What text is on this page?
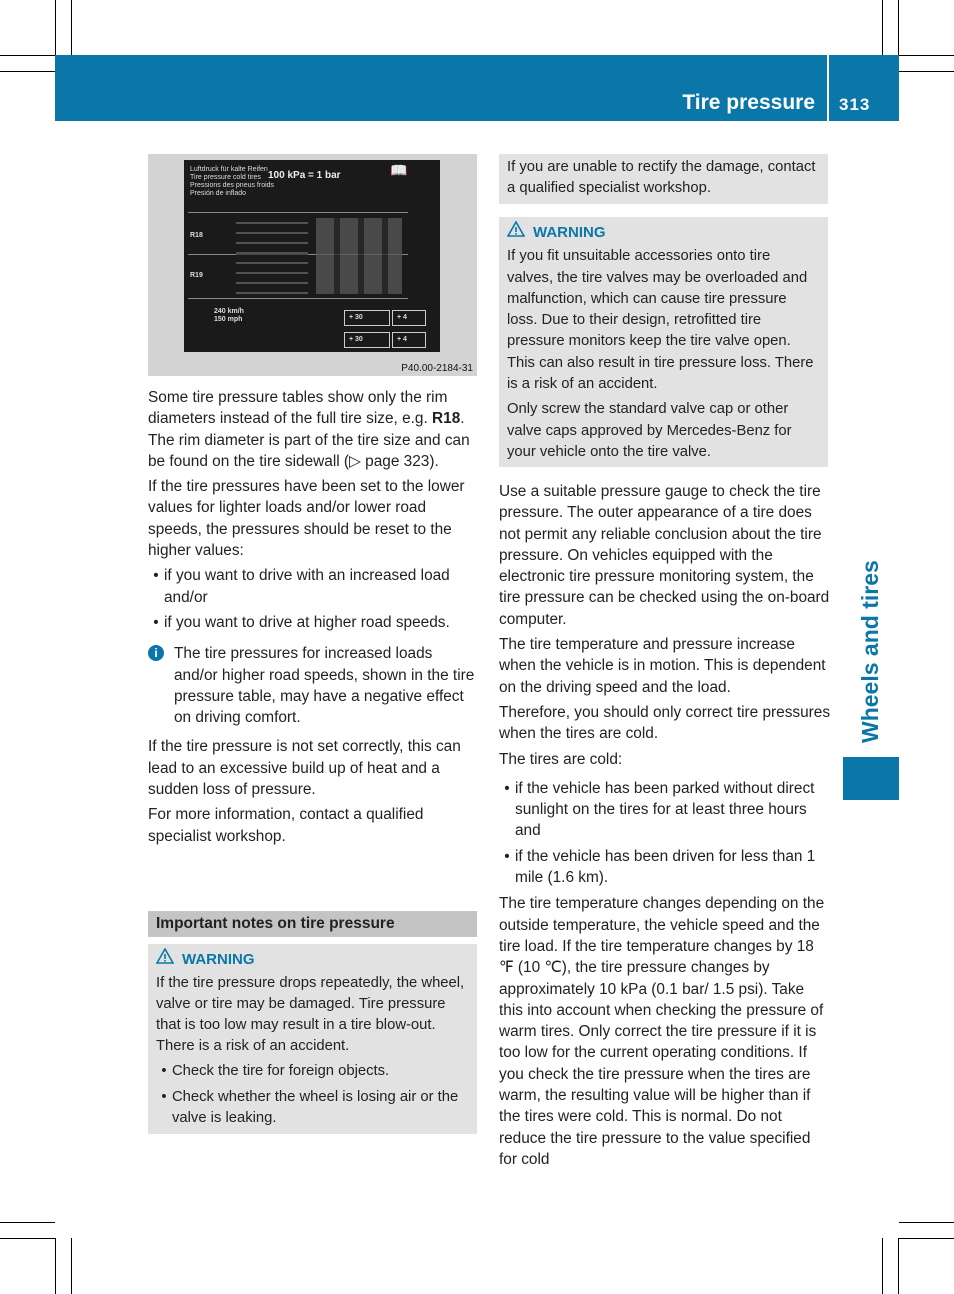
Tire pressure 313
Wheels and tires
Luftdruck für kalte Reifen
Tire pressure cold tires
Pressions des pneus froids
Presión de inflado
100 kPa = 1 bar	📖
R18
R19
240 km/h
150 mph	+ 30	+ 4
+ 30	+ 4
P40.00-2184-31

Some tire pressure tables show only the rim diameters instead of the full tire size, e.g. R18. The rim diameter is part of the tire size and can be found on the tire sidewall (▷ page 323).

If the tire pressures have been set to the lower values for lighter loads and/or lower road speeds, the pressures should be reset to the higher values:

• if you want to drive with an increased load and/or
• if you want to drive at higher road speeds.
i	The tire pressures for increased loads and/or higher road speeds, shown in the tire pressure table, may have a negative effect on driving comfort.

If the tire pressure is not set correctly, this can lead to an excessive build up of heat and a sudden loss of pressure.

For more information, contact a qualified specialist workshop.

Important notes on tire pressure
WARNING

If the tire pressure drops repeatedly, the wheel, valve or tire may be damaged. Tire pressure that is too low may result in a tire blow-out. There is a risk of an accident.

• Check the tire for foreign objects.
• Check whether the wheel is losing air or the valve is leaking.
If you are unable to rectify the damage, contact a qualified specialist workshop.
WARNING

If you fit unsuitable accessories onto tire valves, the tire valves may be overloaded and malfunction, which can cause tire pressure loss. Due to their design, retrofitted tire pressure monitors keep the tire valve open. This can also result in tire pressure loss. There is a risk of an accident.

Only screw the standard valve cap or other valve caps approved by Mercedes-Benz for your vehicle onto the tire valve.

Use a suitable pressure gauge to check the tire pressure. The outer appearance of a tire does not permit any reliable conclusion about the tire pressure. On vehicles equipped with the electronic tire pressure monitoring system, the tire pressure can be checked using the on-board computer.

The tire temperature and pressure increase when the vehicle is in motion. This is dependent on the driving speed and the load.

Therefore, you should only correct tire pressures when the tires are cold.

The tires are cold:

• if the vehicle has been parked without direct sunlight on the tires for at least three hours and
• if the vehicle has been driven for less than 1 mile (1.6 km).

The tire temperature changes depending on the outside temperature, the vehicle speed and the tire load. If the tire temperature changes by 18 ℉ (10 ℃), the tire pressure changes by approximately 10 kPa (0.1 bar/ 1.5 psi). Take this into account when checking the pressure of warm tires. Only correct the tire pressure if it is too low for the current operating conditions. If you check the tire pressure when the tires are warm, the resulting value will be higher than if the tires were cold. This is normal. Do not reduce the tire pressure to the value specified for cold
